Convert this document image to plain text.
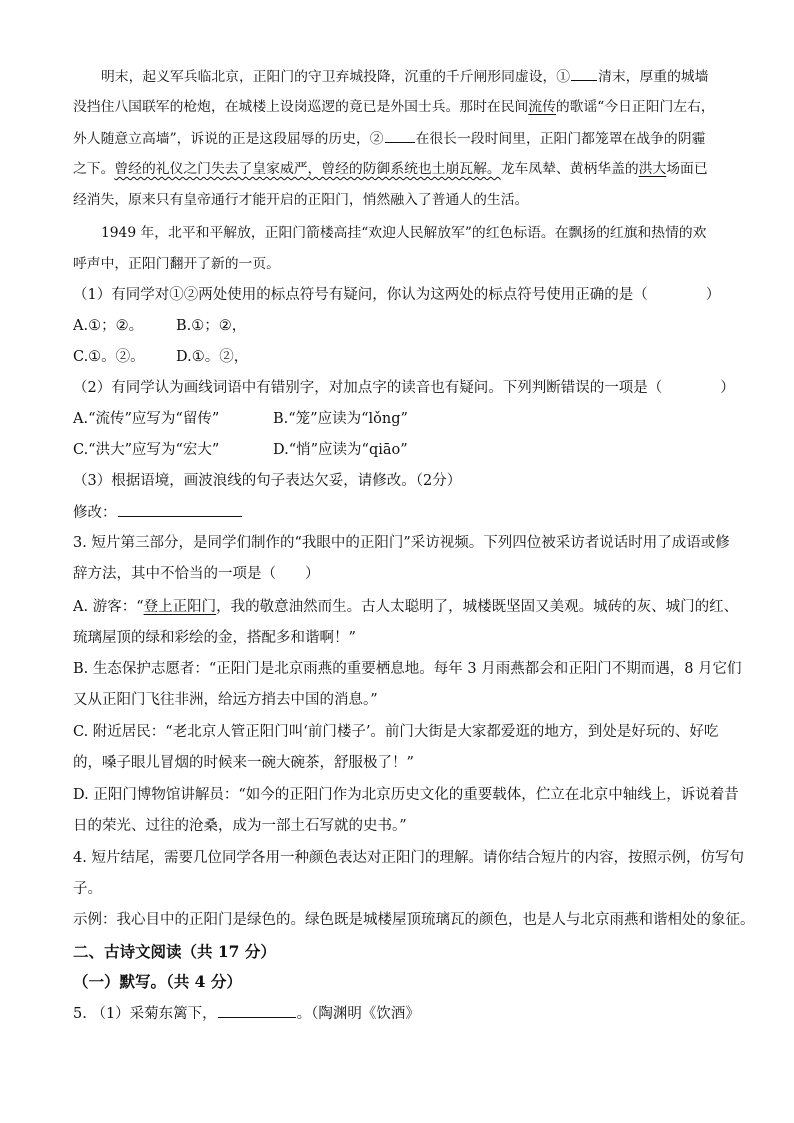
明末，起义军兵临北京，正阳门的守卫弃城投降，沉重的千斤闸形同虚设，① 清末，厚重的城墙
没挡住八国联军的枪炮，在城楼上设岗巡逻的竟已是外国士兵。那时在民间流传的歌谣“今日正阳门左右，
外人随意立高墙”，诉说的正是这段屈辱的历史，② 在很长一段时间里，正阳门都笼罩在战争的阴霾
之下。曾经的礼仪之门失去了皇家威严，曾经的防御系统也土崩瓦解。龙车凤辇、黄柄华盖的洪大场面已
经消失，原来只有皇帝通行才能开启的正阳门，悄然融入了普通人的生活。
1949 年，北平和平解放，正阳门箭楼高挂“欢迎人民解放军”的红色标语。在飘扬的红旗和热情的欢
呼声中，正阳门翻开了新的一页。
（1）有同学对①②两处使用的标点符号有疑问，你认为这两处的标点符号使用正确的是（　　　　）
A.①；②。 B.①；②，
C.①。②。 D.①。②，
（2）有同学认为画线词语中有错别字，对加点字的读音也有疑问。下列判断错误的一项是（　　　　）
A.“流传”应写为“留传”	B.“笼”应读为“lǒng”
C.“洪大”应写为“宏大”	D.“悄”应读为“qiāo”
（3）根据语境，画波浪线的句子表达欠妥，请修改。（2分）
修改：
3. 短片第三部分，是同学们制作的“我眼中的正阳门”采访视频。下列四位被采访者说话时用了成语或修
辞方法，其中不恰当的一项是（　　）
A. 游客：“登上正阳门，我的敬意油然而生。古人太聪明了，城楼既坚固又美观。城砖的灰、城门的红、
琉璃屋顶的绿和彩绘的金，搭配多和谐啊！”
B. 生态保护志愿者：“正阳门是北京雨燕的重要栖息地。每年 3 月雨燕都会和正阳门不期而遇，8 月它们
又从正阳门飞往非洲，给远方捎去中国的消息。”
C. 附近居民：“老北京人管正阳门叫‘前门楼子’。前门大街是大家都爱逛的地方，到处是好玩的、好吃
的，嗓子眼儿冒烟的时候来一碗大碗茶，舒服极了！”
D. 正阳门博物馆讲解员：“如今的正阳门作为北京历史文化的重要载体，伫立在北京中轴线上，诉说着昔
日的荣光、过往的沧桑，成为一部土石写就的史书。”
4. 短片结尾，需要几位同学各用一种颜色表达对正阳门的理解。请你结合短片的内容，按照示例，仿写句
子。
示例：我心目中的正阳门是绿色的。绿色既是城楼屋顶琉璃瓦的颜色，也是人与北京雨燕和谐相处的象征。
二、古诗文阅读（共 17 分）
（一）默写。（共 4 分）
5. （1）采菊东篱下，	。（陶渊明《饮酒》
